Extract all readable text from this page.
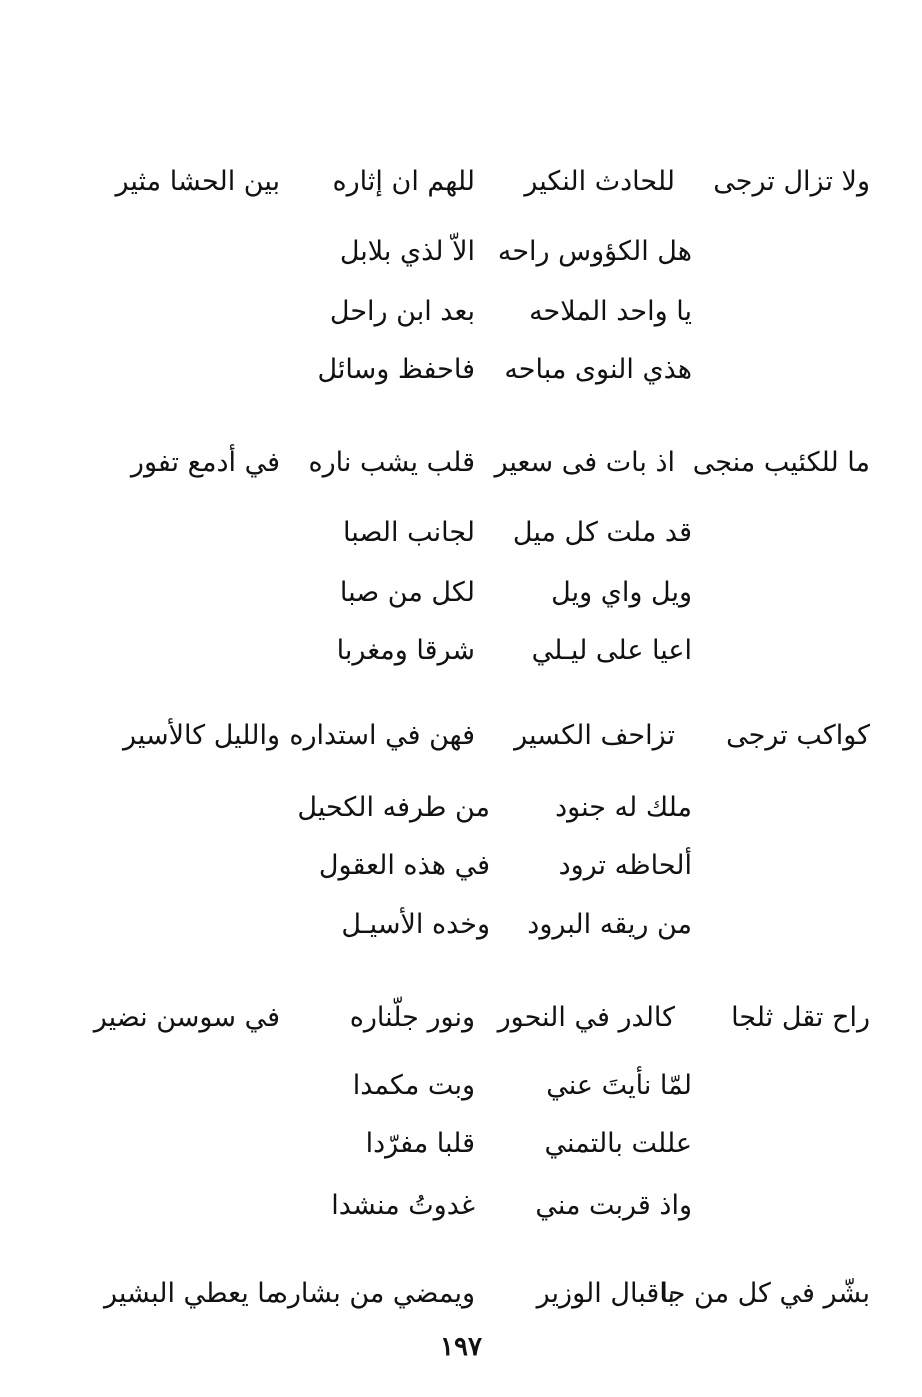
ولا تزال ترجى
للحادث النكير
للهم ان إثاره
بين الحشا مثير
هل الكؤوس راحه
الاّ لذي بلابل
يا واحد الملاحه
بعد ابن راحل
هذي النوى مباحه
فاحفظ وسائل
ما للكئيب منجى
اذ بات فى سعير
قلب يشب ناره
في أدمع تفور
قد ملت كل ميل
لجانب الصبا
ويل واي ويل
لكل من صبا
اعيا على ليـلي
شرقا ومغربا
كواكب ترجى
تزاحف الكسير
فهن في استداره
والليل كالأسير
ملك له جنود
من طرفه الكحيل
ألحاظه ترود
في هذه العقول
من ريقه البرود
وخده الأسيـل
راح تقل ثلجا
كالدر في النحور
ونور جلّناره
في سوسن نضير
لمّا نأيتَ عني
وبت مكمدا
عللت بالتمني
قلبا مفرّدا
واذ قربت مني
غدوتُ منشدا
بشّر في كل من جا
باقبال الوزير
ويمضي من بشاره
ما يعطي البشير
١٩٧
